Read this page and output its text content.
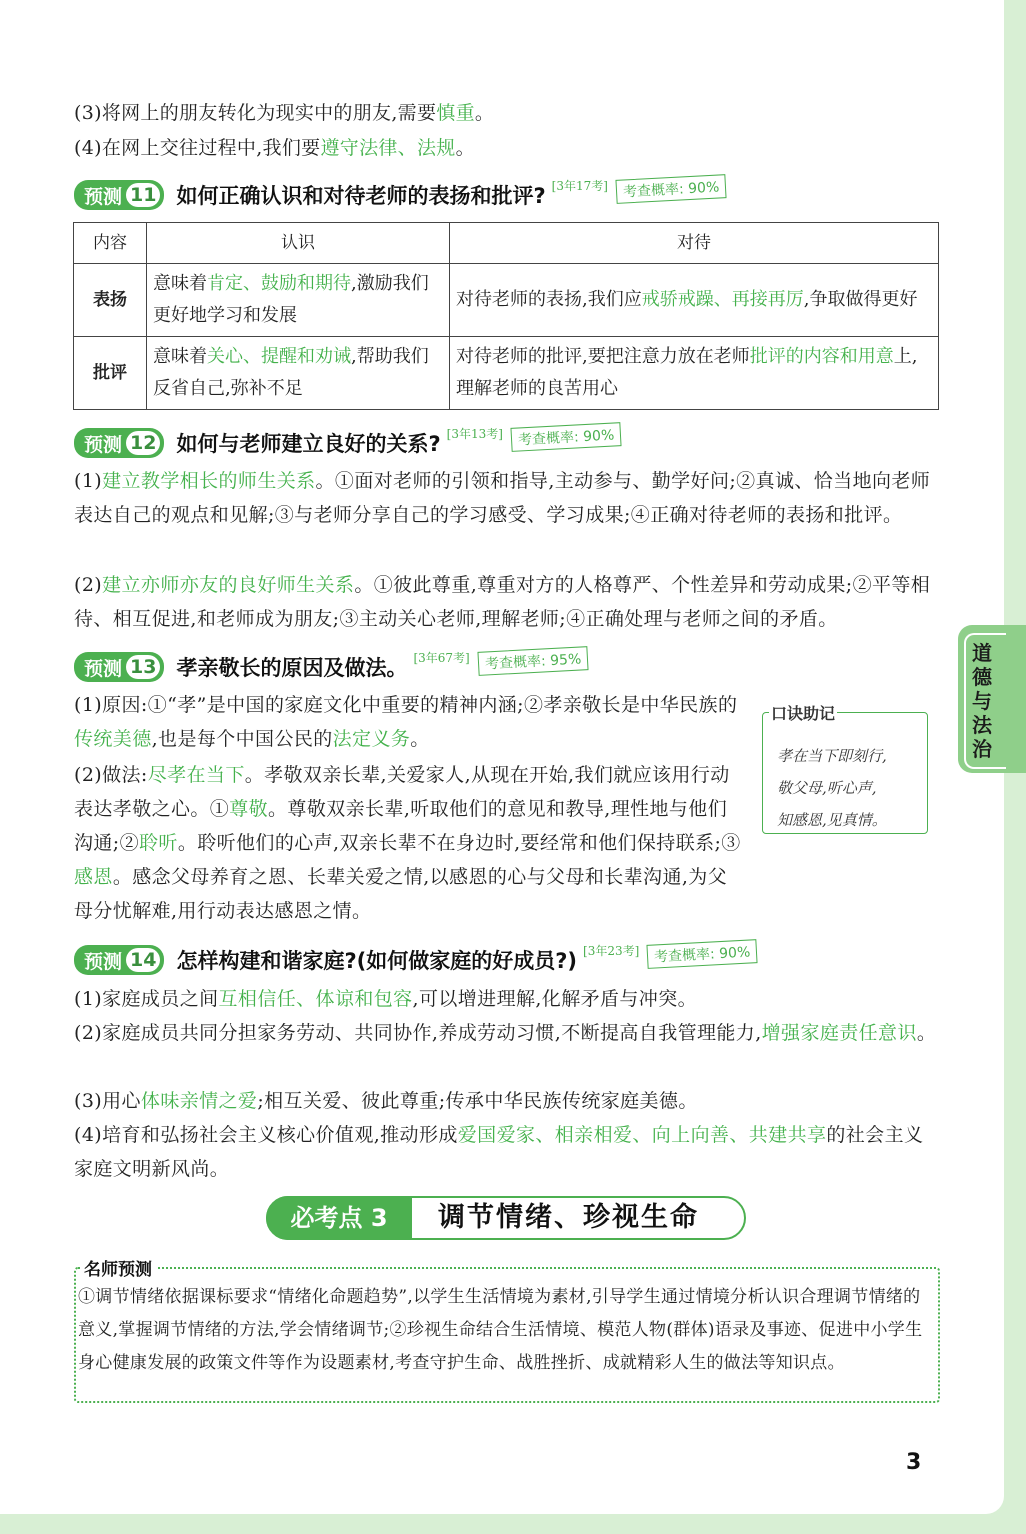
(3)将网上的朋友转化为现实中的朋友,需要慎重。
(4)在网上交往过程中,我们要遵守法律、法规。
预测 11 如何正确认识和对待老师的表扬和批评? [3年17考]	考查概率: 90%
内容	认识	对待
表扬	意味着肯定、鼓励和期待,激励我们更好地学习和发展	对待老师的表扬,我们应戒骄戒躁、再接再厉,争取做得更好
批评	意味着关心、提醒和劝诫,帮助我们反省自己,弥补不足	对待老师的批评,要把注意力放在老师批评的内容和用意上,理解老师的良苦用心
预测 12 如何与老师建立良好的关系? [3年13考]	考查概率: 90%
(1)建立教学相长的师生关系。①面对老师的引领和指导,主动参与、勤学好问;②真诚、恰当地向老师表达自己的观点和见解;③与老师分享自己的学习感受、学习成果;④正确对待老师的表扬和批评。
(2)建立亦师亦友的良好师生关系。①彼此尊重,尊重对方的人格尊严、个性差异和劳动成果;②平等相待、相互促进,和老师成为朋友;③主动关心老师,理解老师;④正确处理与老师之间的矛盾。
预测 13 孝亲敬长的原因及做法。 [3年67考]	考查概率: 95%
(1)原因:①“孝”是中国的家庭文化中重要的精神内涵;②孝亲敬长是中华民族的传统美德,也是每个中国公民的法定义务。
(2)做法:尽孝在当下。孝敬双亲长辈,关爱家人,从现在开始,我们就应该用行动表达孝敬之心。①尊敬。尊敬双亲长辈,听取他们的意见和教导,理性地与他们沟通;②聆听。聆听他们的心声,双亲长辈不在身边时,要经常和他们保持联系;③感恩。感念父母养育之恩、长辈关爱之情,以感恩的心与父母和长辈沟通,为父母分忧解难,用行动表达感恩之情。
口诀助记
孝在当下即刻行,
敬父母,听心声,
知感恩,见真情。
预测 14 怎样构建和谐家庭?(如何做家庭的好成员?) [3年23考]	考查概率: 90%
(1)家庭成员之间互相信任、体谅和包容,可以增进理解,化解矛盾与冲突。
(2)家庭成员共同分担家务劳动、共同协作,养成劳动习惯,不断提高自我管理能力,增强家庭责任意识。
(3)用心体味亲情之爱;相互关爱、彼此尊重;传承中华民族传统家庭美德。
(4)培育和弘扬社会主义核心价值观,推动形成爱国爱家、相亲相爱、向上向善、共建共享的社会主义家庭文明新风尚。
必考点 3	调节情绪、珍视生命
名师预测
①调节情绪依据课标要求“情绪化命题趋势”,以学生生活情境为素材,引导学生通过情境分析认识合理调节情绪的意义,掌握调节情绪的方法,学会情绪调节;②珍视生命结合生活情境、模范人物(群体)语录及事迹、促进中小学生身心健康发展的政策文件等作为设题素材,考查守护生命、战胜挫折、成就精彩人生的做法等知识点。
3
道德与法治
